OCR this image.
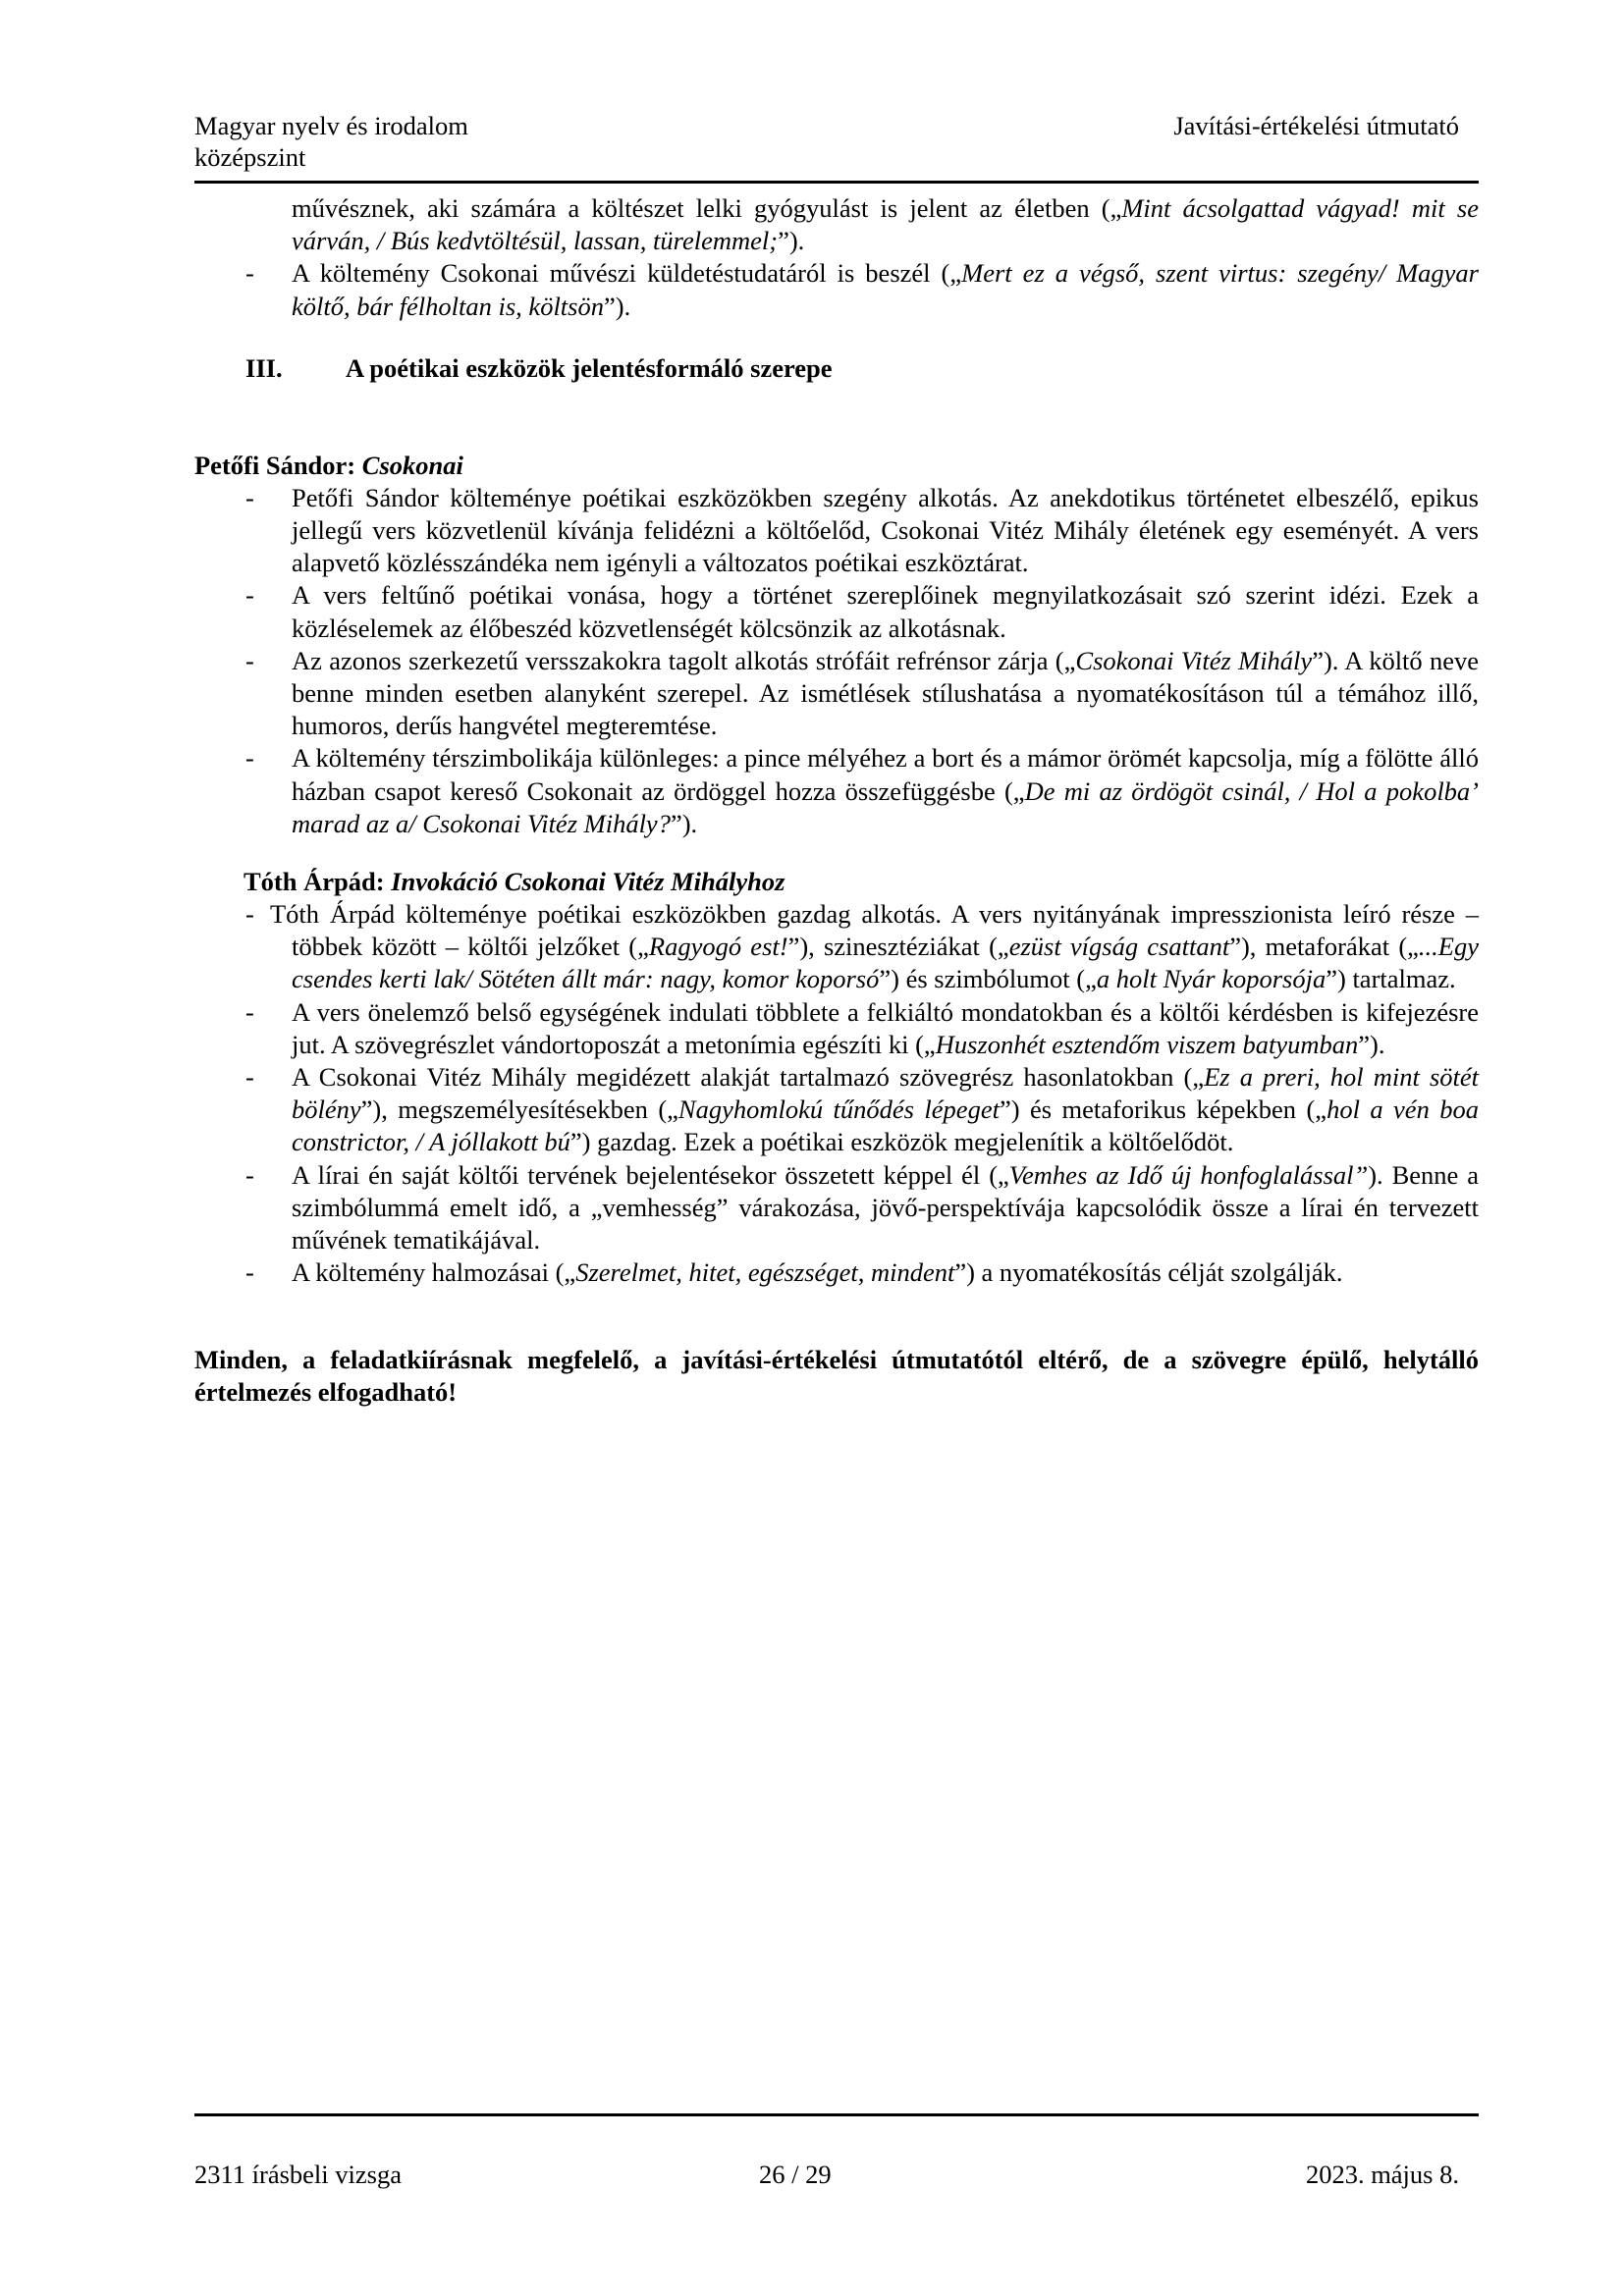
Magyar nyelv és irodalom
középszint
Javítási-értékelési útmutató

művésznek, aki számára a költészet lelki gyógyulást is jelent az életben („Mint ácsolgattad vágyad! mit se várván, / Bús kedvtöltésül, lassan, türelemmel;”).

- A költemény Csokonai művészi küldetéstudatáról is beszél („Mert ez a végső, szent virtus: szegény/ Magyar költő, bár félholtan is, költsön”).

III. A poétikai eszközök jelentésformáló szerepe
Petőfi Sándor: Csokonai

- Petőfi Sándor költeménye poétikai eszközökben szegény alkotás. Az anekdotikus történetet elbeszélő, epikus jellegű vers közvetlenül kívánja felidézni a költőelőd, Csokonai Vitéz Mihály életének egy eseményét. A vers alapvető közlésszándéka nem igényli a változatos poétikai eszköztárat.

- A vers feltűnő poétikai vonása, hogy a történet szereplőinek megnyilatkozásait szó szerint idézi. Ezek a közléselemek az élőbeszéd közvetlenségét kölcsönzik az alkotásnak.

- Az azonos szerkezetű versszakokra tagolt alkotás strófáit refrénsor zárja („Csokonai Vitéz Mihály”). A költő neve benne minden esetben alanyként szerepel. Az ismétlések stílushatása a nyomatékosításon túl a témához illő, humoros, derűs hangvétel megteremtése.

- A költemény térszimbolikája különleges: a pince mélyéhez a bort és a mámor örömét kapcsolja, míg a fölötte álló házban csapot kereső Csokonait az ördöggel hozza összefüggésbe („De mi az ördögöt csinál, / Hol a pokolba’ marad az a/ Csokonai Vitéz Mihály?”).

Tóth Árpád: Invokáció Csokonai Vitéz Mihályhoz

- Tóth Árpád költeménye poétikai eszközökben gazdag alkotás. A vers nyitányának impresszionista leíró része – többek között – költői jelzőket („Ragyogó est!”), szinesztéziákat („ezüst vígság csattant”), metaforákat („...Egy csendes kerti lak/ Sötéten állt már: nagy, komor koporsó”) és szimbólumot („a holt Nyár koporsója”) tartalmaz.

- A vers önelemző belső egységének indulati többlete a felkiáltó mondatokban és a költői kérdésben is kifejezésre jut. A szövegrészlet vándortoposzát a metonímia egészíti ki („Huszonhét esztendőm viszem batyumban”).

- A Csokonai Vitéz Mihály megidézett alakját tartalmazó szövegrész hasonlatokban („Ez a preri, hol mint sötét bölény”), megszemélyesítésekben („Nagyhomlokú tűnődés lépeget”) és metaforikus képekben („hol a vén boa constrictor, / A jóllakott bú”) gazdag. Ezek a poétikai eszközök megjelenítik a költőelődöt.

- A lírai én saját költői tervének bejelentésekor összetett képpel él („Vemhes az Idő új honfoglalással”). Benne a szimbólummá emelt idő, a „vemhesség” várakozása, jövő-perspektívája kapcsolódik össze a lírai én tervezett művének tematikájával.

- A költemény halmozásai („Szerelmet, hitet, egészséget, mindent”) a nyomatékosítás célját szolgálják.

Minden, a feladatkiírásnak megfelelő, a javítási-értékelési útmutatótól eltérő, de a szövegre épülő, helytálló értelmezés elfogadható!

2311 írásbeli vizsga	26 / 29	2023. május 8.
